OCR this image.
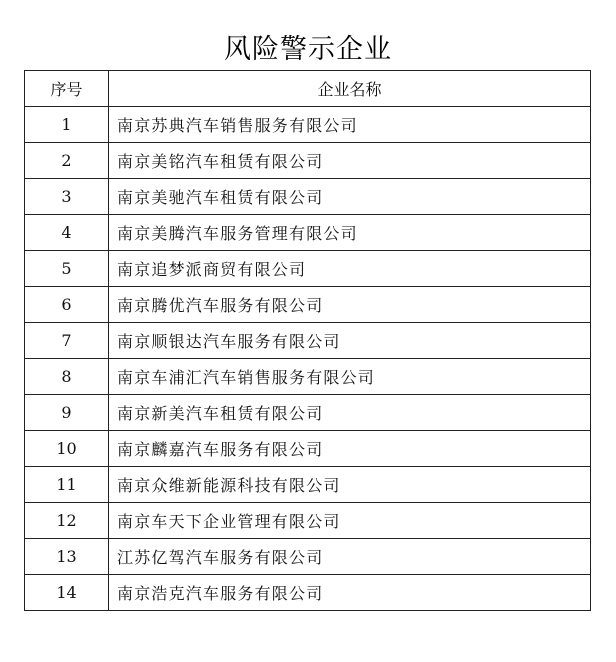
风险警示企业
序号	企业名称
1	南京苏典汽车销售服务有限公司
2	南京美铭汽车租赁有限公司
3	南京美驰汽车租赁有限公司
4	南京美腾汽车服务管理有限公司
5	南京追梦派商贸有限公司
6	南京腾优汽车服务有限公司
7	南京顺银达汽车服务有限公司
8	南京车浦汇汽车销售服务有限公司
9	南京新美汽车租赁有限公司
10	南京麟嘉汽车服务有限公司
11	南京众维新能源科技有限公司
12	南京车天下企业管理有限公司
13	江苏亿驾汽车服务有限公司
14	南京浩克汽车服务有限公司
